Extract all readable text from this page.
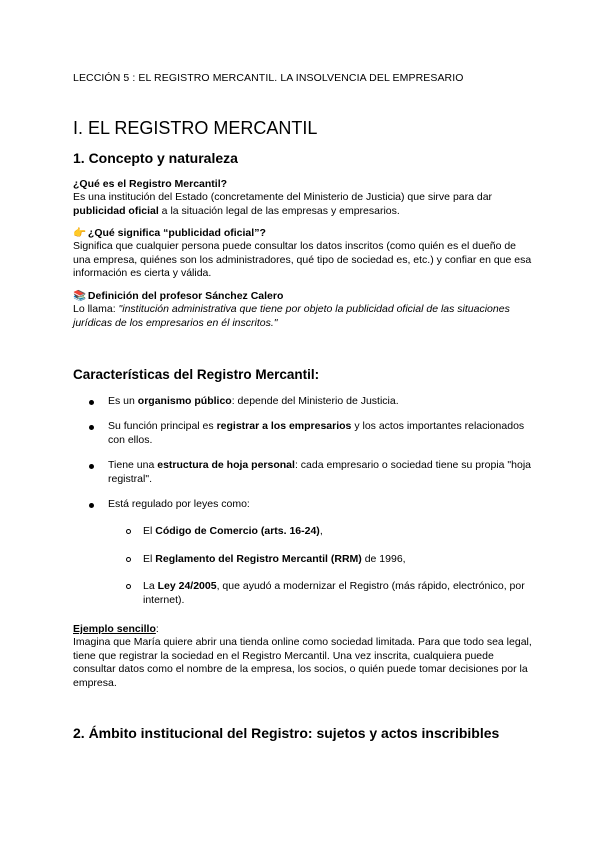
LECCIÓN 5 : EL REGISTRO MERCANTIL. LA INSOLVENCIA DEL EMPRESARIO
I. EL REGISTRO MERCANTIL
1. Concepto y naturaleza
¿Qué es el Registro Mercantil?
Es una institución del Estado (concretamente del Ministerio de Justicia) que sirve para dar publicidad oficial a la situación legal de las empresas y empresarios.
👉 ¿Qué significa “publicidad oficial”?
Significa que cualquier persona puede consultar los datos inscritos (como quién es el dueño de una empresa, quiénes son los administradores, qué tipo de sociedad es, etc.) y confiar en que esa información es cierta y válida.
📚 Definición del profesor Sánchez Calero
Lo llama: "institución administrativa que tiene por objeto la publicidad oficial de las situaciones jurídicas de los empresarios en él inscritos."
Características del Registro Mercantil:
Es un organismo público: depende del Ministerio de Justicia.
Su función principal es registrar a los empresarios y los actos importantes relacionados con ellos.
Tiene una estructura de hoja personal: cada empresario o sociedad tiene su propia "hoja registral".
Está regulado por leyes como:
El Código de Comercio (arts. 16-24),
El Reglamento del Registro Mercantil (RRM) de 1996,
La Ley 24/2005, que ayudó a modernizar el Registro (más rápido, electrónico, por internet).
Ejemplo sencillo:
Imagina que María quiere abrir una tienda online como sociedad limitada. Para que todo sea legal, tiene que registrar la sociedad en el Registro Mercantil. Una vez inscrita, cualquiera puede consultar datos como el nombre de la empresa, los socios, o quién puede tomar decisiones por la empresa.
2. Ámbito institucional del Registro: sujetos y actos inscribibles
